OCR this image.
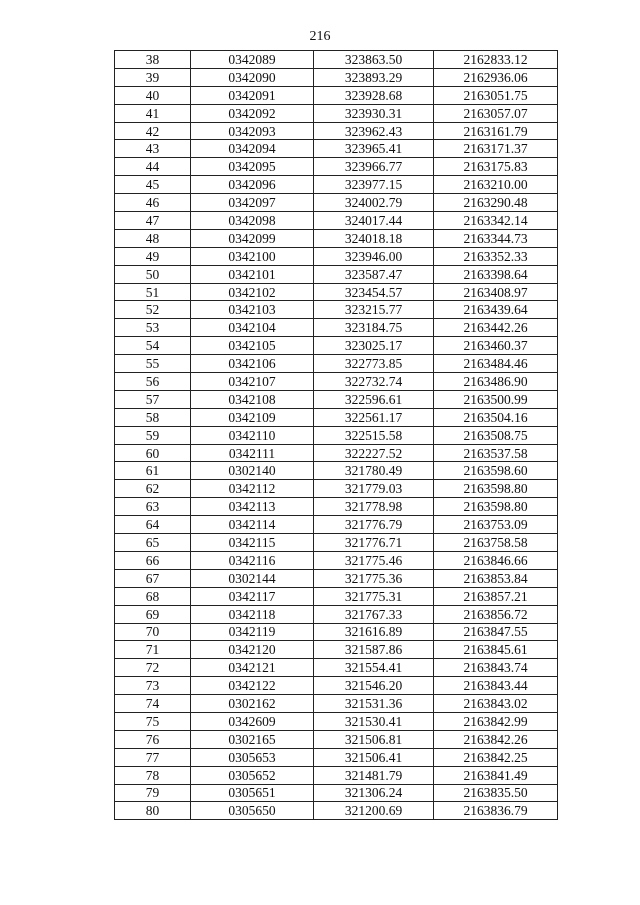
216
38	0342089	323863.50	2162833.12
39	0342090	323893.29	2162936.06
40	0342091	323928.68	2163051.75
41	0342092	323930.31	2163057.07
42	0342093	323962.43	2163161.79
43	0342094	323965.41	2163171.37
44	0342095	323966.77	2163175.83
45	0342096	323977.15	2163210.00
46	0342097	324002.79	2163290.48
47	0342098	324017.44	2163342.14
48	0342099	324018.18	2163344.73
49	0342100	323946.00	2163352.33
50	0342101	323587.47	2163398.64
51	0342102	323454.57	2163408.97
52	0342103	323215.77	2163439.64
53	0342104	323184.75	2163442.26
54	0342105	323025.17	2163460.37
55	0342106	322773.85	2163484.46
56	0342107	322732.74	2163486.90
57	0342108	322596.61	2163500.99
58	0342109	322561.17	2163504.16
59	0342110	322515.58	2163508.75
60	0342111	322227.52	2163537.58
61	0302140	321780.49	2163598.60
62	0342112	321779.03	2163598.80
63	0342113	321778.98	2163598.80
64	0342114	321776.79	2163753.09
65	0342115	321776.71	2163758.58
66	0342116	321775.46	2163846.66
67	0302144	321775.36	2163853.84
68	0342117	321775.31	2163857.21
69	0342118	321767.33	2163856.72
70	0342119	321616.89	2163847.55
71	0342120	321587.86	2163845.61
72	0342121	321554.41	2163843.74
73	0342122	321546.20	2163843.44
74	0302162	321531.36	2163843.02
75	0342609	321530.41	2163842.99
76	0302165	321506.81	2163842.26
77	0305653	321506.41	2163842.25
78	0305652	321481.79	2163841.49
79	0305651	321306.24	2163835.50
80	0305650	321200.69	2163836.79
